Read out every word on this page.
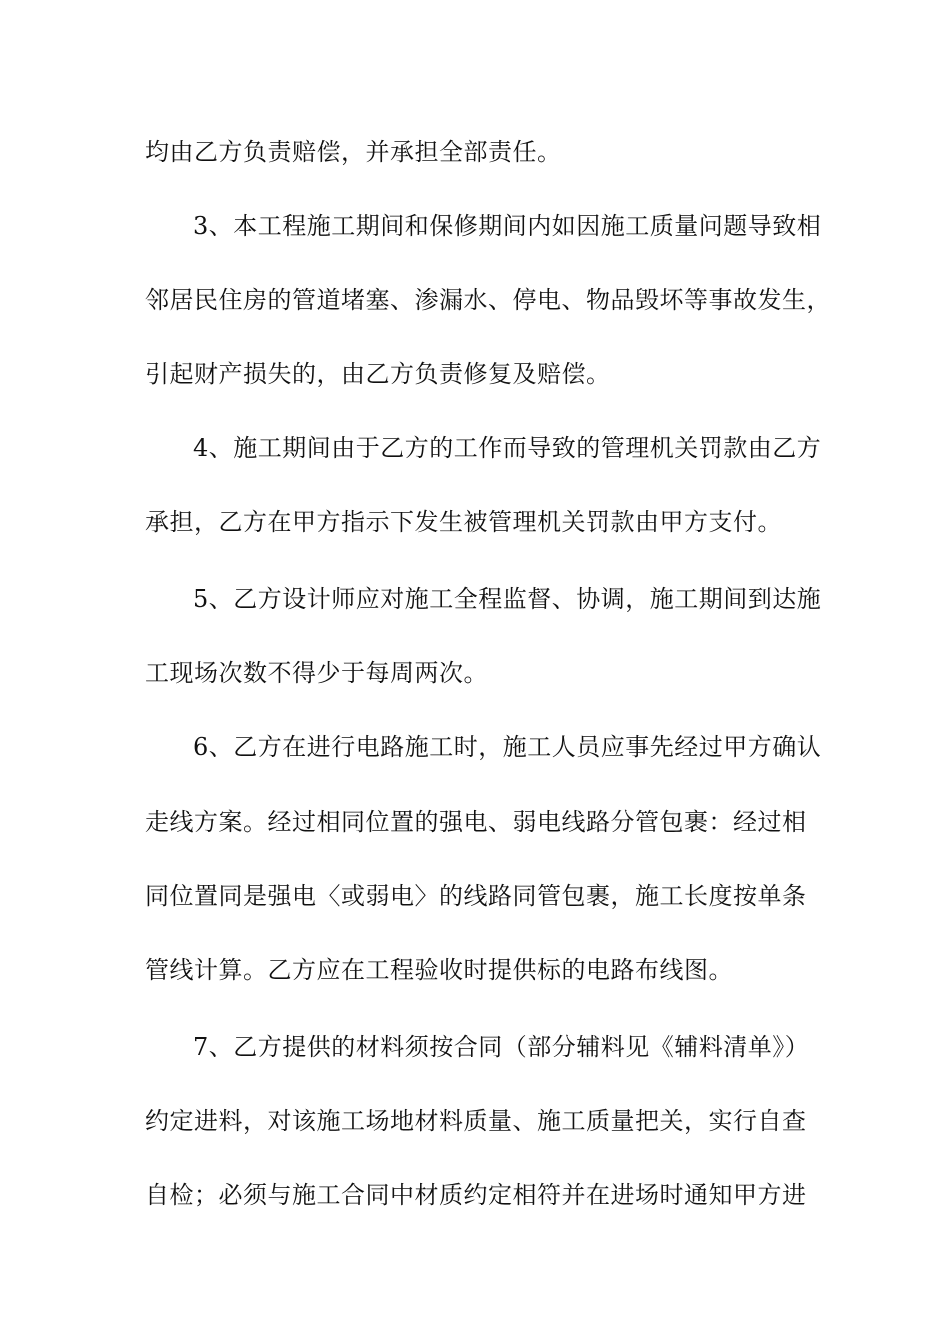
均由乙方负责赔偿，并承担全部责任。
3、本工程施工期间和保修期间内如因施工质量问题导致相
邻居民住房的管道堵塞、渗漏水、停电、物品毁坏等事故发生，
引起财产损失的，由乙方负责修复及赔偿。
4、施工期间由于乙方的工作而导致的管理机关罚款由乙方
承担，乙方在甲方指示下发生被管理机关罚款由甲方支付。
5、乙方设计师应对施工全程监督、协调，施工期间到达施
工现场次数不得少于每周两次。
6、乙方在进行电路施工时，施工人员应事先经过甲方确认
走线方案。经过相同位置的强电、弱电线路分管包裹：经过相
同位置同是强电〈或弱电〉的线路同管包裹，施工长度按单条
管线计算。乙方应在工程验收时提供标的电路布线图。
7、乙方提供的材料须按合同（部分辅料见《辅料清单》）
约定进料，对该施工场地材料质量、施工质量把关，实行自查
自检；必须与施工合同中材质约定相符并在进场时通知甲方进
